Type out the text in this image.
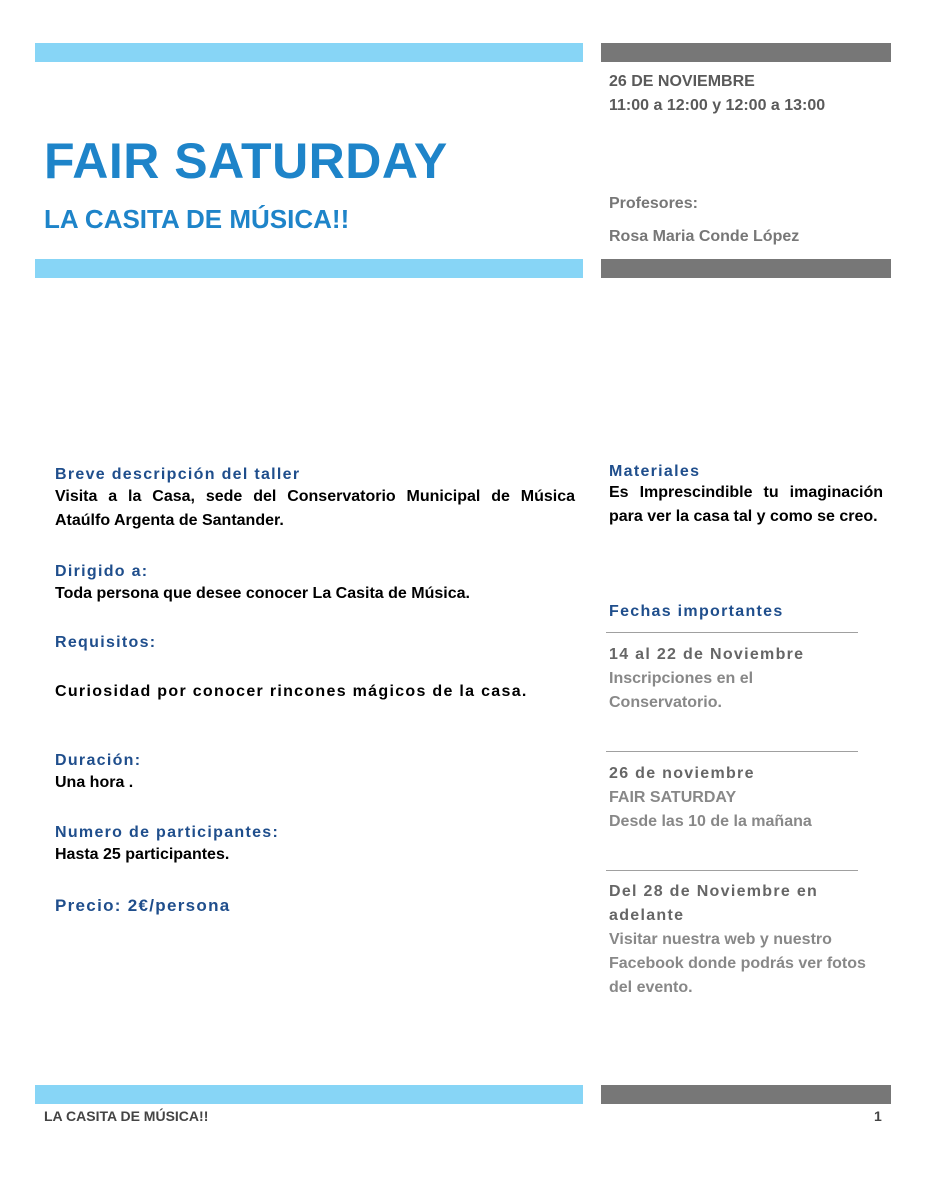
FAIR SATURDAY
LA CASITA DE MÚSICA!!
26 DE NOVIEMBRE
11:00 a 12:00 y 12:00 a 13:00
Profesores:
Rosa Maria Conde López
Breve descripción del taller
Visita a la Casa, sede del Conservatorio Municipal de Música Ataúlfo Argenta de Santander.
Dirigido a:
Toda persona que desee conocer La Casita de Música.
Requisitos:
Curiosidad por conocer rincones mágicos de la casa.
Duración:
Una hora .
Numero de participantes:
Hasta 25 participantes.
Precio: 2€/persona
Materiales
Es Imprescindible tu imaginación para ver la casa tal y como se creo.
Fechas importantes
14 al 22 de Noviembre
Inscripciones en el Conservatorio.
26 de noviembre
FAIR SATURDAY
Desde las 10 de la mañana
Del 28 de Noviembre en adelante
Visitar nuestra web y nuestro Facebook donde podrás ver fotos del evento.
LA CASITA DE MÚSICA!!	1
